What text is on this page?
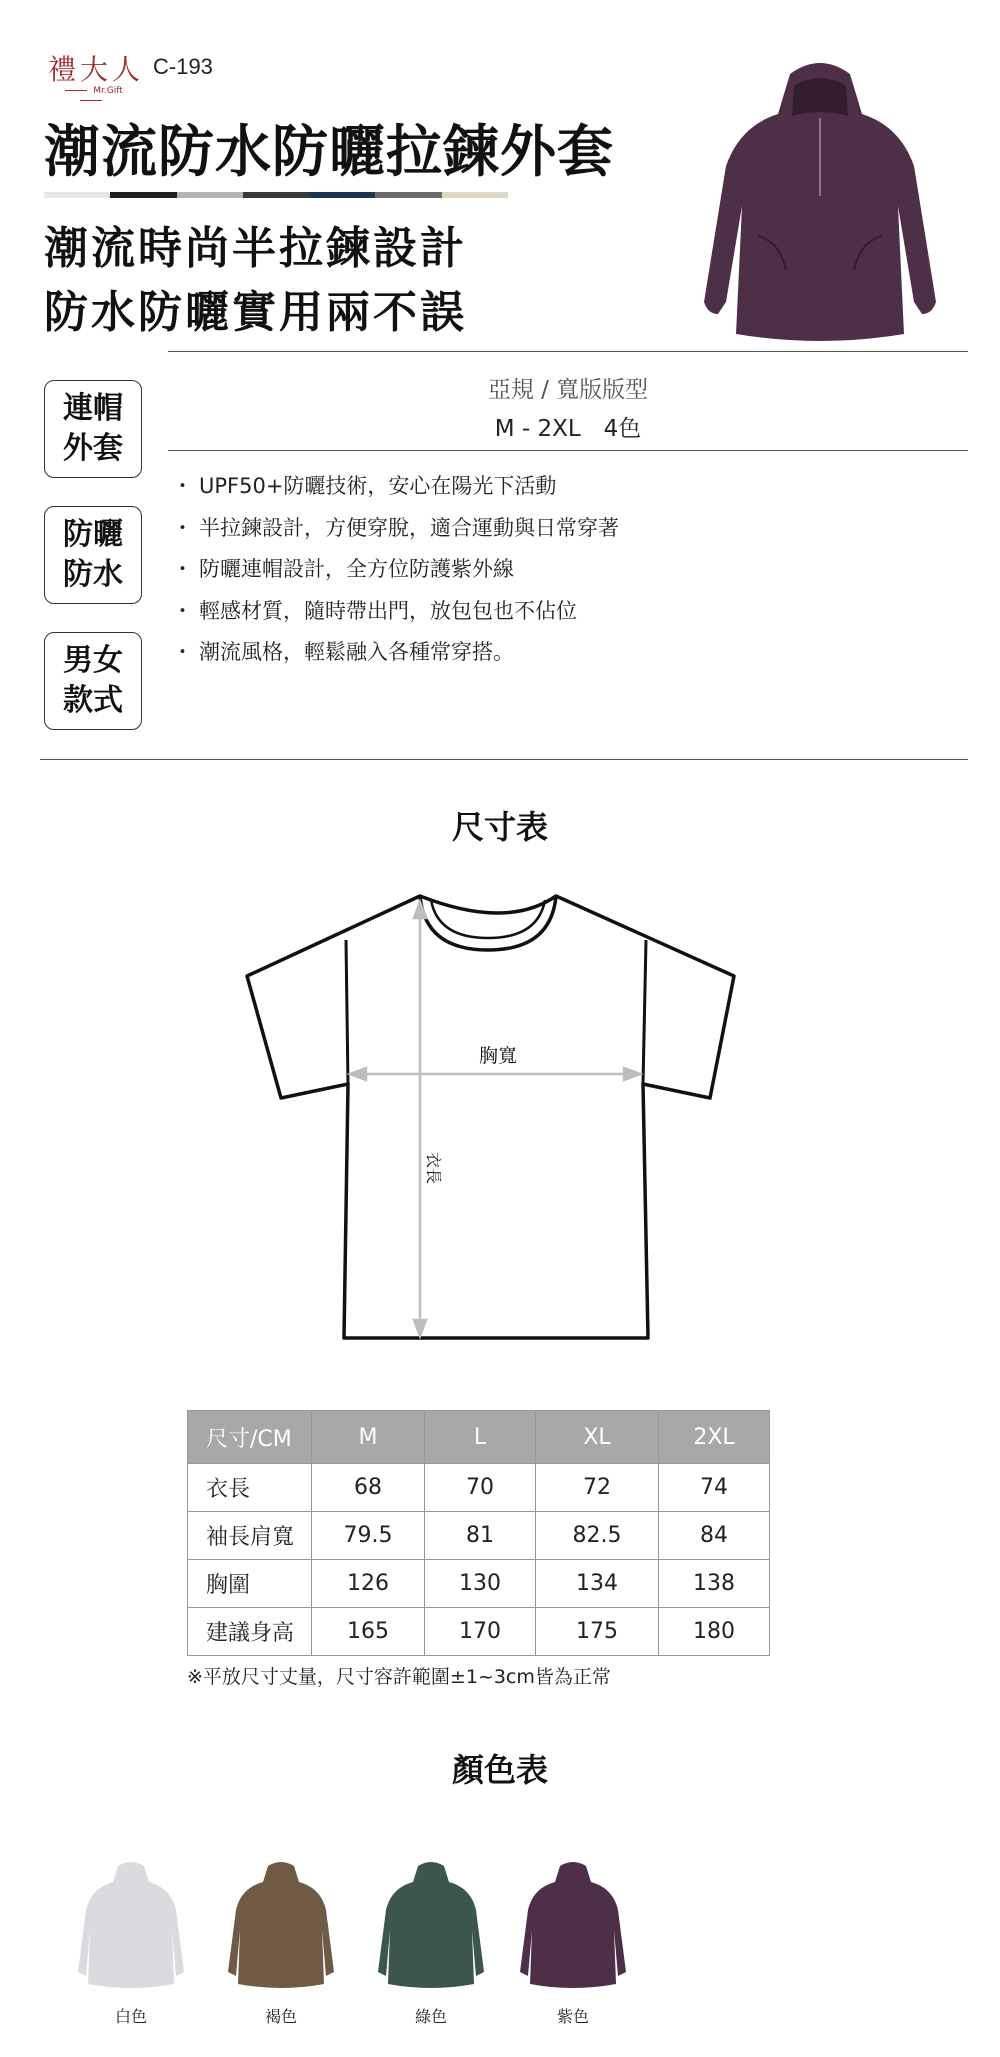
禮大人
Mr.Gift
C-193
潮流防水防曬拉鍊外套
潮流時尚半拉鍊設計
防水防曬實用兩不誤
亞規 / 寬版版型
M - 2XL　4色
連帽外套
防曬防水
男女款式
・ UPF50+防曬技術，安心在陽光下活動
・ 半拉鍊設計，方便穿脫，適合運動與日常穿著
・ 防曬連帽設計，全方位防護紫外線
・ 輕感材質，隨時帶出門，放包包也不佔位
・ 潮流風格，輕鬆融入各種常穿搭。
尺寸表
胸寬
衣長
尺寸/CM	M	L	XL	2XL
衣長	68	70	72	74
袖長肩寬	79.5	81	82.5	84
胸圍	126	130	134	138
建議身高	165	170	175	180
※平放尺寸丈量，尺寸容許範圍±1~3cm皆為正常
顏色表
白色	褐色	綠色	紫色
